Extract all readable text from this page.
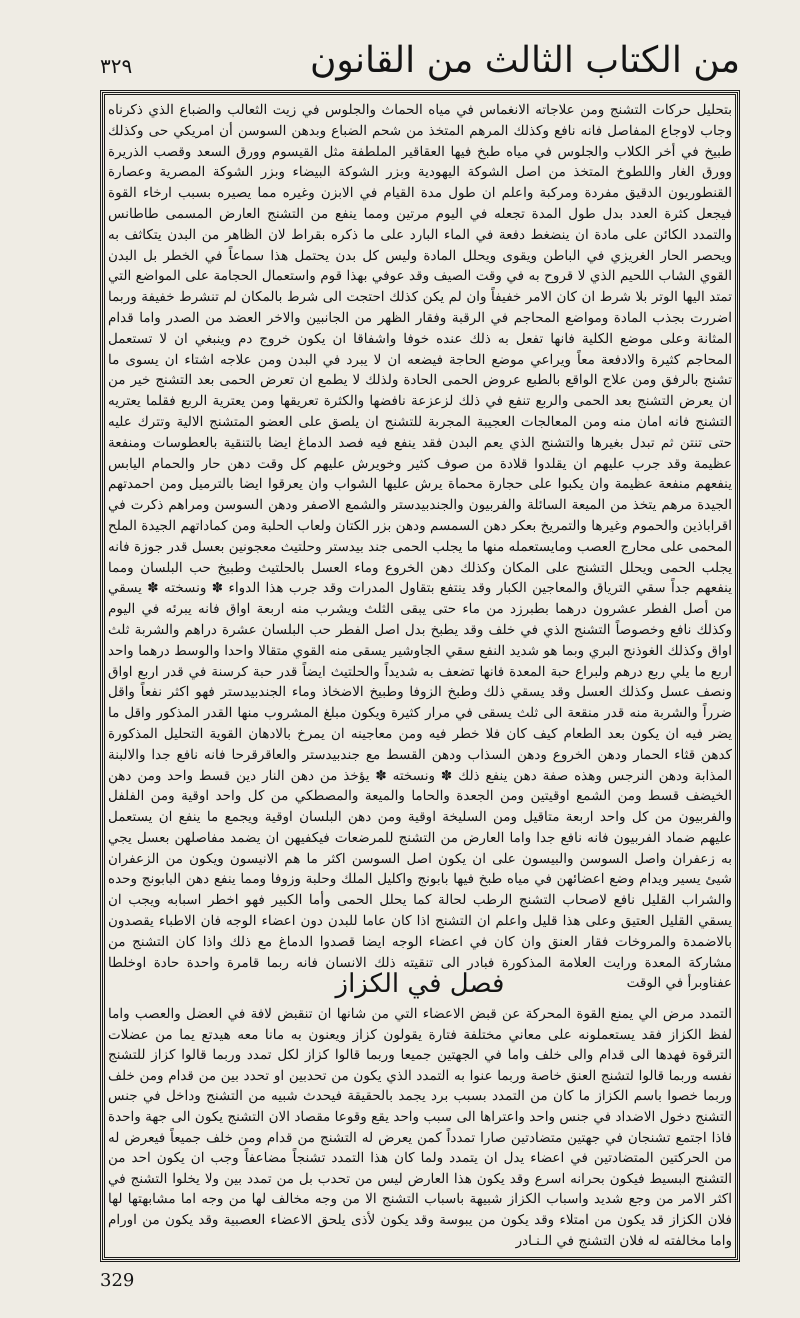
من الكتاب الثالث من القانون
٣٢٩

بتحليل حركات التشنج ومن علاجاته الانغماس في مياه الحماث والجلوس في زيت الثعالب والضباع الذي ذكرناه وجاب لاوجاع المفاصل فانه نافع وكذلك المرهم المتخذ من شحم الضباع وبدهن السوسن أن امريكي حى وكذلك طبيخ في أخر الكلاب والجلوس في مياه طبخ فيها العقاقير الملطفة مثل القيسوم وورق السعد وقصب الذريرة وورق الغار واللطوخ المتخذ من اصل الشوكة اليهودية وبزر الشوكة البيضاء وبزر الشوكة المصرية وعصارة القنطوريون الدقيق مفردة ومركبة واعلم ان طول مدة القيام في الابزن وغيره مما يصيره بسبب ارخاء القوة فيجعل كثرة العدد بدل طول المدة تجعله في اليوم مرتين ومما ينفع من التشنج العارض المسمى طاطانس والتمدد الكائن على مادة ان ينضغط دفعة في الماء البارد على ما ذكره بقراط لان الظاهر من البدن يتكاثف به ويحصر الحار الغريزي في الباطن ويقوى ويحلل المادة وليس كل بدن يحتمل هذا سماعاً في الخطر بل البدن القوي الشاب اللحيم الذي لا قروح به في وقت الصيف وقد عوفي بهذا قوم واستعمال الحجامة على المواضع التي تمتد اليها الوتر بلا شرط ان كان الامر خفيفاً وان لم يكن كذلك احتجت الى شرط بالمكان لم تنشرط خفيفة وربما اضررت بجذب المادة ومواضع المحاجم في الرقبة وفقار الظهر من الجانبين والاخر العضد من الصدر واما قدام المثانة وعلى موضع الكلية فانها تفعل به ذلك عنده خوفا واشفاقا ان يكون خروج دم وينبغي ان لا تستعمل المحاجم كثيرة والادفعة معاً ويراعي موضع الحاجة فيضعه ان لا يبرد في البدن ومن علاجه اشتاء ان يسوى ما تشنج بالرفق ومن علاج الواقع بالطبع عروض الحمى الحادة ولذلك لا يطمع ان تعرض الحمى بعد التشنج خير من ان يعرض التشنج بعد الحمى والربع تنفع في ذلك لزعزعة نافضها والكثرة تعريقها ومن يعترية الربع فقلما يعتريه التشنج فانه امان منه ومن المعالجات العجيبة المجربة للتشنج ان يلصق على العضو المتشنج الالية وتترك عليه حتى تنتن ثم تبدل بغيرها والتشنج الذي يعم البدن فقد ينفع فيه فصد الدماغ ايضا بالتنقية بالعطوسات ومنفعة عظيمة وقد جرب عليهم ان يقلدوا قلادة من صوف كثير وخويرش عليهم كل وقت دهن حار والحمام اليابس ينفعهم منفعة عظيمة وان يكبوا على حجارة محماة يرش عليها الشواب وان يعرقوا ايضا بالترميل ومن احمدتهم الجيدة مرهم يتخذ من الميعة السائلة والفربيون والجندبيدستر والشمع الاصفر ودهن السوسن ومراهم ذكرت في اقراباذين والحموم وغيرها والتمريخ بعكر دهن السمسم ودهن بزر الكتان ولعاب الحلبة ومن كماداتهم الجيدة الملح المحمى على محارج العصب ومايستعمله منها ما يجلب الحمى جند بيدستر وحلتيث معجونين بعسل قدر جوزة فانه يجلب الحمى ويحلل التشنج على المكان وكذلك دهن الخروع وماء العسل بالحلتيث وطبيخ حب البلسان ومما ينفعهم جداً سقي الترياق والمعاجين الكبار وقد ينتفع بتقاول المدرات وقد جرب هذا الدواء ✽ ونسخته ✽ يسقي من أصل الفطر عشرون درهما بطبرزد من ماء حتى يبقى الثلث ويشرب منه اربعة اواق فانه يبرئه في اليوم وكذلك نافع وخصوصاً التشنج الذي في خلف وقد يطبخ بدل اصل الفطر حب البلسان عشرة دراهم والشربة ثلث اواق وكذلك الغوذنج البري وبما هو شديد النفع سقي الجاوشير يسقى منه القوي متقالا واحدا والوسط درهما واحد اربع ما يلي ربع درهم ولبراع حبة المعدة فانها تضعف به شديداً والحلتيث ايضاً قدر حبة كرسنة في قدر اربع اواق ونصف عسل وكذلك العسل وقد يسقي ذلك وطبخ الزوفا وطبيخ الاضخاذ وماء الجندبيدستر فهو اكثر نفعاً واقل ضرراً والشربة منه قدر منقعة الى ثلث يسقى في مرار كثيرة ويكون مبلغ المشروب منها القدر المذكور واقل ما يضر فيه ان يكون بعد الطعام كيف كان فلا خطر فيه ومن معاجينه ان يمرخ بالادهان القوية التحليل المذكورة كدهن قثاء الحمار ودهن الخروع ودهن السذاب ودهن القسط مع جندبيدستر والعاقرقرحا فانه نافع جدا والالبنة المذابة ودهن النرجس وهذه صفة دهن ينفع ذلك ✽ ونسخته ✽ يؤخذ من دهن النار دين قسط واحد ومن دهن الخيضف قسط ومن الشمع اوقيتين ومن الجعدة والحاما والميعة والمصطكي من كل واحد اوقية ومن الفلفل والفربيون من كل واحد اربعة متاقيل ومن السليخة اوقية ومن دهن البلسان اوقية ويجمع ما ينفع ان يستعمل عليهم ضماد الفربيون فانه نافع جدا واما العارض من التشنج للمرضعات فيكفيهن ان يضمد مفاصلهن بعسل يجي به زعفران واصل السوسن والبيسون على ان يكون اصل السوسن اكثر ما هم الانيسون ويكون من الزعفران شيئ يسير ويدام وضع اعضائهن في مياه طبخ فيها بابونج واكليل الملك وحلبة وزوفا ومما ينفع دهن البابونج وحده والشراب القليل نافع لاصحاب التشنج الرطب لحالة كما يحلل الحمى وأما الكبير فهو اخطر اسبابه ويجب ان يسقي القليل العتيق وعلى هذا قليل واعلم ان التشنج اذا كان عاما للبدن دون اعضاء الوجه فان الاطباء يقصدون بالاضمدة والمروخات فقار العنق وان كان في اعضاء الوجه ايضا قصدوا الدماغ مع ذلك واذا كان التشنج من مشاركة المعدة ورايت العلامة المذكورة فبادر الى تنقيته ذلك الانسان فانه ربما قامرة واحدة حادة اوخلطا عفناوبرأ في الوقت

فصل في الكزاز

التمدد مرض الي يمنع القوة المحركة عن قبض الاعضاء التي من شانها ان تنقبض لافة في العضل والعصب واما لفظ الكزاز فقد يستعملونه على معاني مختلفة فتارة يقولون كزاز ويعنون به مانا معه هيدتع يما من عضلات الترقوة فهدها الى قدام والى خلف واما في الجهتين جميعا وربما قالوا كزاز لكل تمدد وربما قالوا كزاز للتشنج نفسه وربما قالوا لتشنج العنق خاصة وربما عنوا به التمدد الذي يكون من تحدبين او تحدد بين من قدام ومن خلف وربما خصوا باسم الكزاز ما كان من التمدد بسبب برد يجمد بالحقيقة فيحدث شبيه من التشنج وداخل في جنس التشنج دخول الاضداد في جنس واحد واعتراها الى سبب واحد يقع وقوعا مقصاد الان التشنج يكون الى جهة واحدة فاذا اجتمع تشنجان في جهتين متضادتين صارا تمدداً كمن يعرض له التشنج من قدام ومن خلف جميعاً فيعرض له من الحركتين المتضادتين في اعضاء يدل ان يتمدد ولما كان هذا التمدد تشنجاً مضاعفاً وجب ان يكون احد من التشنج البسيط فيكون بحرانه اسرع وقد يكون هذا العارض ليس من تحدب بل من تمدد بين ولا يخلوا التشنج في اكثر الامر من وجع شديد واسباب الكزاز شبيهة باسباب التشنج الا من وجه مخالف لها من وجه اما مشابهتها لها فلان الكزاز قد يكون من امتلاء وقد يكون من يبوسة وقد يكون لأذى يلحق الاعضاء العصبية وقد يكون من اورام واما مخالفته له فلان التشنج في الـنـادر

329
